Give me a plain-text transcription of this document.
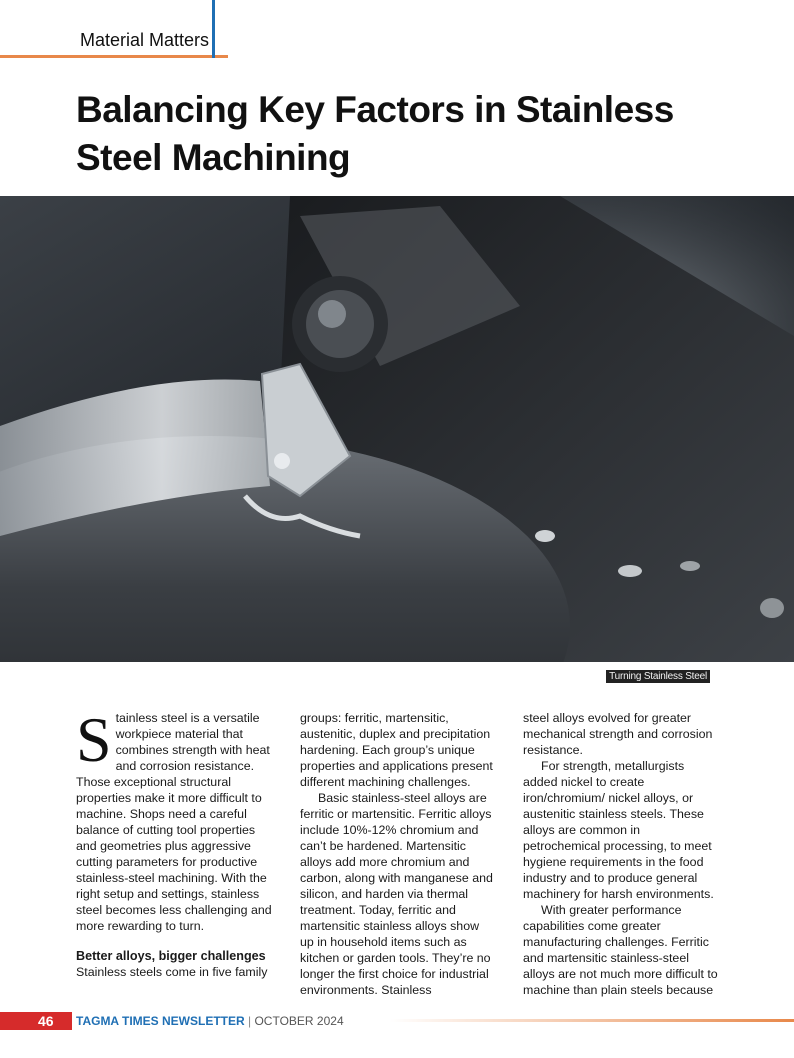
Material Matters
Balancing Key Factors in Stainless Steel Machining
Turning Stainless Steel

Stainless steel is a versatile workpiece material that combines strength with heat and corrosion resistance. Those exceptional structural properties make it more difficult to machine. Shops need a careful balance of cutting tool properties and geometries plus aggressive cutting parameters for productive stainless-steel machining. With the right setup and settings, stainless steel becomes less challenging and more rewarding to turn.

Better alloys, bigger challenges

Stainless steels come in five family

groups: ferritic, martensitic, austenitic, duplex and precipitation hardening. Each group’s unique properties and applications present different machining challenges.

Basic stainless-steel alloys are ferritic or martensitic. Ferritic alloys include 10%-12% chromium and can’t be hardened. Martensitic alloys add more chromium and carbon, along with manganese and silicon, and harden via thermal treatment. Today, ferritic and martensitic stainless alloys show up in household items such as kitchen or garden tools. They’re no longer the first choice for industrial environments. Stainless

steel alloys evolved for greater mechanical strength and corrosion resistance.

For strength, metallurgists added nickel to create iron/chromium/ nickel alloys, or austenitic stainless steels. These alloys are common in petrochemical processing, to meet hygiene requirements in the food industry and to produce general machinery for harsh environments.

With greater performance capabilities come greater manufacturing challenges. Ferritic and martensitic stainless-steel alloys are not much more difficult to machine than plain steels because

46 TAGMA TIMES NEWSLETTER | OCTOBER 2024
